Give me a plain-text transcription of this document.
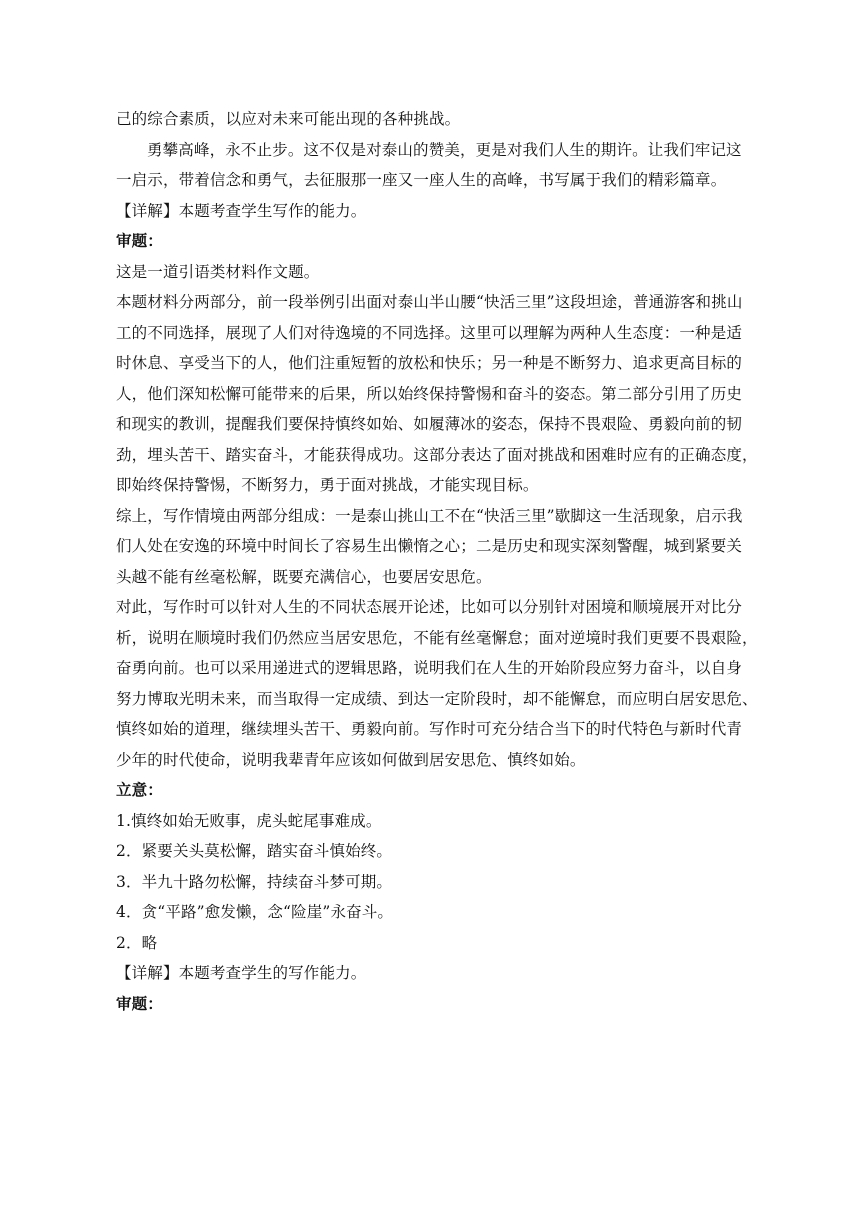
己的综合素质，以应对未来可能出现的各种挑战。
勇攀高峰，永不止步。这不仅是对泰山的赞美，更是对我们人生的期许。让我们牢记这
一启示，带着信念和勇气，去征服那一座又一座人生的高峰，书写属于我们的精彩篇章。
【详解】本题考查学生写作的能力。
审题：
这是一道引语类材料作文题。
本题材料分两部分，前一段举例引出面对泰山半山腰“快活三里”这段坦途，普通游客和挑山
工的不同选择，展现了人们对待逸境的不同选择。这里可以理解为两种人生态度：一种是适
时休息、享受当下的人，他们注重短暂的放松和快乐；另一种是不断努力、追求更高目标的
人，他们深知松懈可能带来的后果，所以始终保持警惕和奋斗的姿态。第二部分引用了历史
和现实的教训，提醒我们要保持慎终如始、如履薄冰的姿态，保持不畏艰险、勇毅向前的韧
劲，埋头苦干、踏实奋斗，才能获得成功。这部分表达了面对挑战和困难时应有的正确态度，
即始终保持警惕，不断努力，勇于面对挑战，才能实现目标。
综上，写作情境由两部分组成：一是泰山挑山工不在“快活三里”歇脚这一生活现象，启示我
们人处在安逸的环境中时间长了容易生出懒惰之心；二是历史和现实深刻警醒，城到紧要关
头越不能有丝毫松解，既要充满信心，也要居安思危。
对此，写作时可以针对人生的不同状态展开论述，比如可以分别针对困境和顺境展开对比分
析，说明在顺境时我们仍然应当居安思危，不能有丝毫懈怠；面对逆境时我们更要不畏艰险，
奋勇向前。也可以采用递进式的逻辑思路，说明我们在人生的开始阶段应努力奋斗，以自身
努力博取光明未来，而当取得一定成绩、到达一定阶段时，却不能懈怠，而应明白居安思危、
慎终如始的道理，继续埋头苦干、勇毅向前。写作时可充分结合当下的时代特色与新时代青
少年的时代使命，说明我辈青年应该如何做到居安思危、慎终如始。
立意：
1.慎终如始无败事，虎头蛇尾事难成。
2．紧要关头莫松懈，踏实奋斗慎始终。
3．半九十路勿松懈，持续奋斗梦可期。
4．贪“平路”愈发懒，念“险崖”永奋斗。
2．略
【详解】本题考查学生的写作能力。
审题：
